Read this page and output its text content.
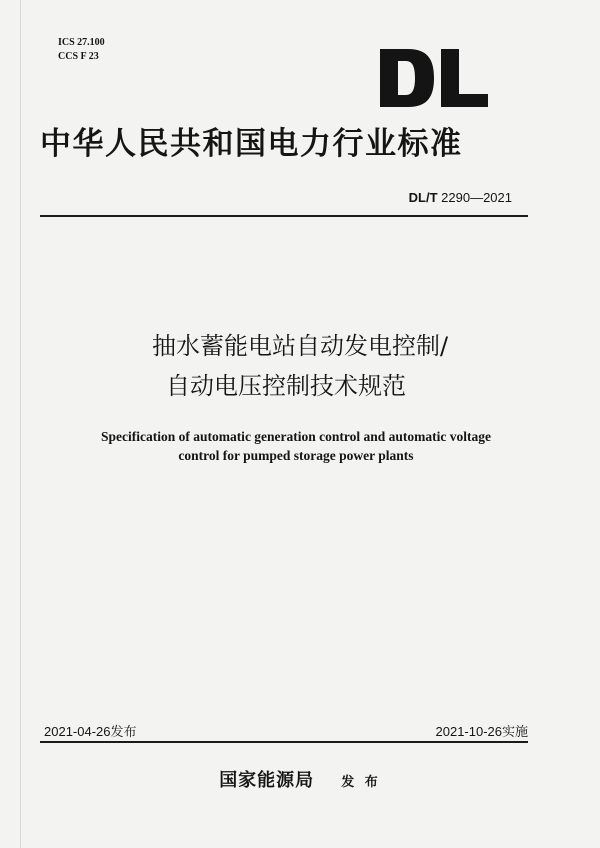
ICS 27.100
CCS F 23
中华人民共和国电力行业标准
DL/T 2290—2021
抽水蓄能电站自动发电控制/
自动电压控制技术规范
Specification of automatic generation control and automatic voltage
control for pumped storage power plants
2021-04-26发布	2021-10-26实施
国家能源局 发 布
